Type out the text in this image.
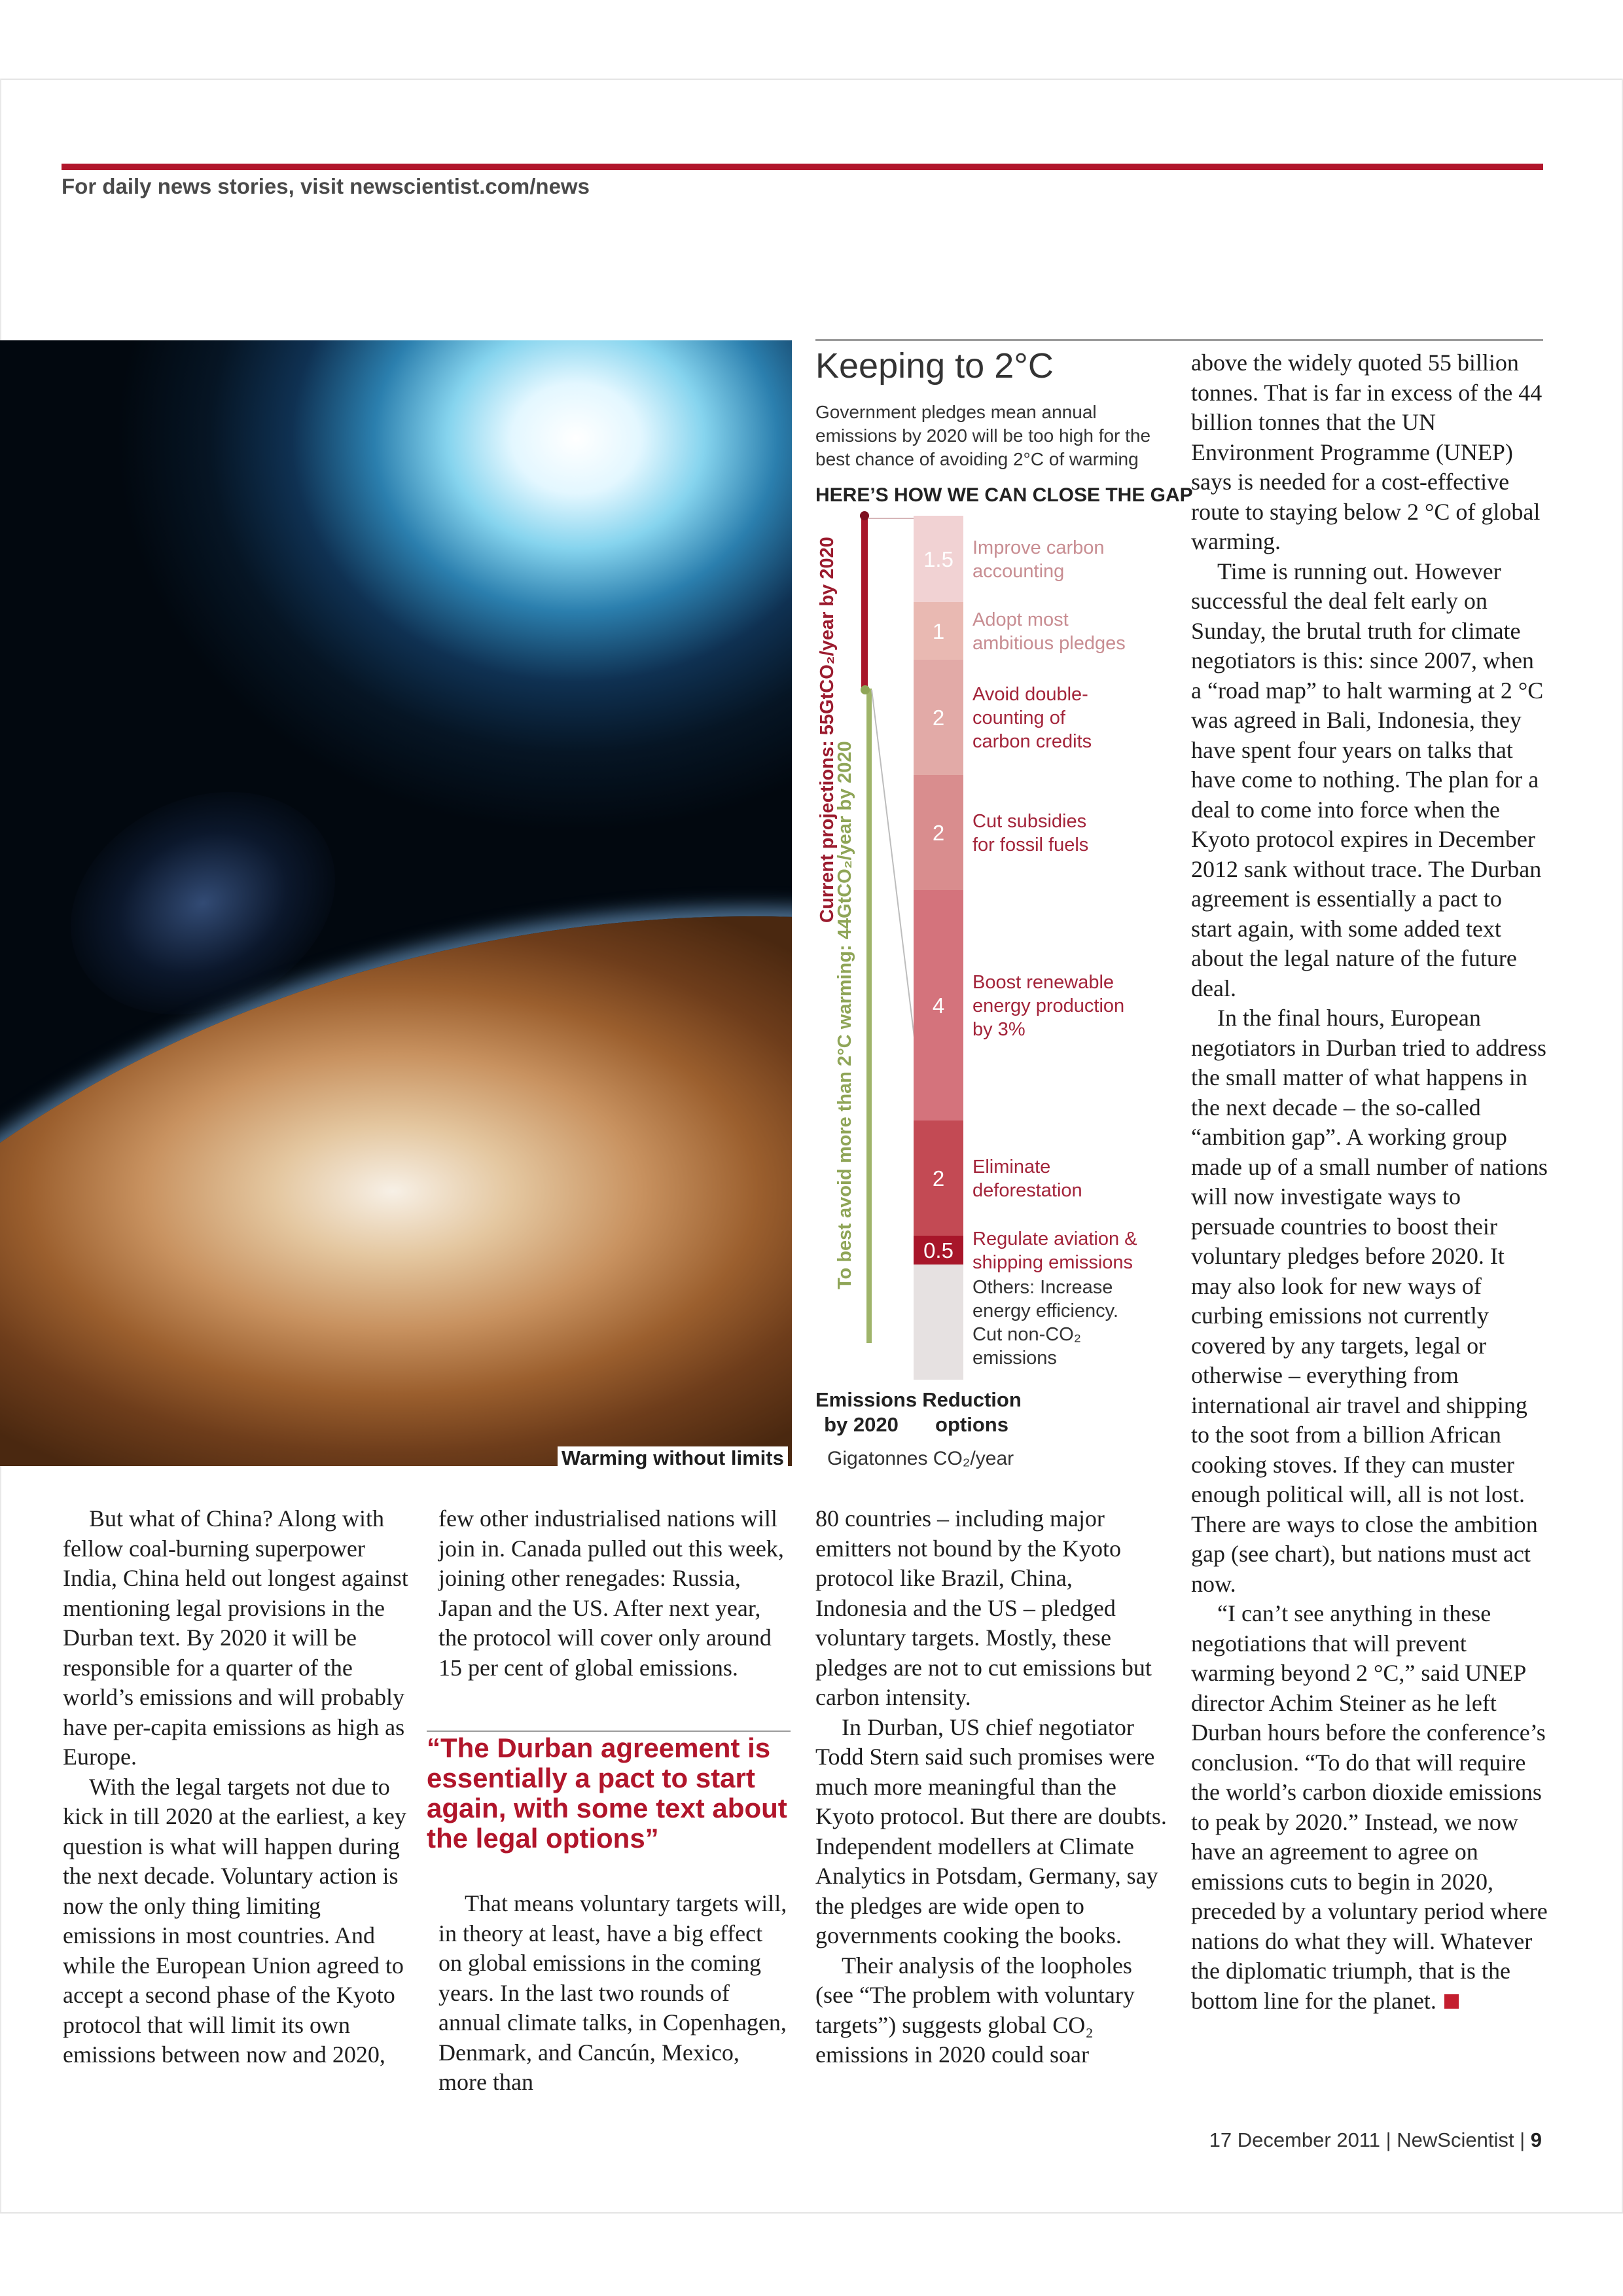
For daily news stories, visit newscientist.com/news
Warming without limits
Keeping to 2°C
Government pledges mean annual emissions by 2020 will be too high for the best chance of avoiding 2°C of warming
HERE’S HOW WE CAN CLOSE THE GAP
Current projections: 55GtCO₂/year by 2020
To best avoid more than 2°C warming: 44GtCO₂/year by 2020
1.5 Improve carbon accounting
1 Adopt most ambitious pledges
2
Avoid double-counting of carbon credits
2 Cut subsidies for fossil fuels
4
Boost renewable energy production by 3%
2 Eliminate deforestation
0.5 Regulate aviation & shipping emissions
Others: Increase energy efficiency. Cut non-CO₂ emissions
Emissions by 2020
Reduction options
Gigatonnes CO₂/year

But what of China? Along with fellow coal-burning superpower India, China held out longest against mentioning legal provisions in the Durban text. By 2020 it will be responsible for a quarter of the world’s emissions and will probably have per-capita emissions as high as Europe.

With the legal targets not due to kick in till 2020 at the earliest, a key question is what will happen during the next decade. Voluntary action is now the only thing limiting emissions in most countries. And while the European Union agreed to accept a second phase of the Kyoto protocol that will limit its own emissions between now and 2020,

few other industrialised nations will join in. Canada pulled out this week, joining other renegades: Russia, Japan and the US. After next year, the protocol will cover only around 15 per cent of global emissions.

“The Durban agreement is essentially a pact to start again, with some text about the legal options”

That means voluntary targets will, in theory at least, have a big effect on global emissions in the coming years. In the last two rounds of annual climate talks, in Copenhagen, Denmark, and Cancún, Mexico, more than

80 countries – including major emitters not bound by the Kyoto protocol like Brazil, China, Indonesia and the US – pledged voluntary targets. Mostly, these pledges are not to cut emissions but carbon intensity.

In Durban, US chief negotiator Todd Stern said such promises were much more meaningful than the Kyoto protocol. But there are doubts. Independent modellers at Climate Analytics in Potsdam, Germany, say the pledges are wide open to governments cooking the books.

Their analysis of the loopholes (see “The problem with voluntary targets”) suggests global CO₂ emissions in 2020 could soar

above the widely quoted 55 billion tonnes. That is far in excess of the 44 billion tonnes that the UN Environment Programme (UNEP) says is needed for a cost-effective route to staying below 2 °C of global warming.

Time is running out. However successful the deal felt early on Sunday, the brutal truth for climate negotiators is this: since 2007, when a “road map” to halt warming at 2 °C was agreed in Bali, Indonesia, they have spent four years on talks that have come to nothing. The plan for a deal to come into force when the Kyoto protocol expires in December 2012 sank without trace. The Durban agreement is essentially a pact to start again, with some added text about the legal nature of the future deal.

In the final hours, European negotiators in Durban tried to address the small matter of what happens in the next decade – the so-called “ambition gap”. A working group made up of a small number of nations will now investigate ways to persuade countries to boost their voluntary pledges before 2020. It may also look for new ways of curbing emissions not currently covered by any targets, legal or otherwise – everything from international air travel and shipping to the soot from a billion African cooking stoves. If they can muster enough political will, all is not lost. There are ways to close the ambition gap (see chart), but nations must act now.

“I can’t see anything in these negotiations that will prevent warming beyond 2 °C,” said UNEP director Achim Steiner as he left Durban hours before the conference’s conclusion. “To do that will require the world’s carbon dioxide emissions to peak by 2020.” Instead, we now have an agreement to agree on emissions cuts to begin in 2020, preceded by a voluntary period where nations do what they will. Whatever the diplomatic triumph, that is the bottom line for the planet.

17 December 2011 | NewScientist | 9
